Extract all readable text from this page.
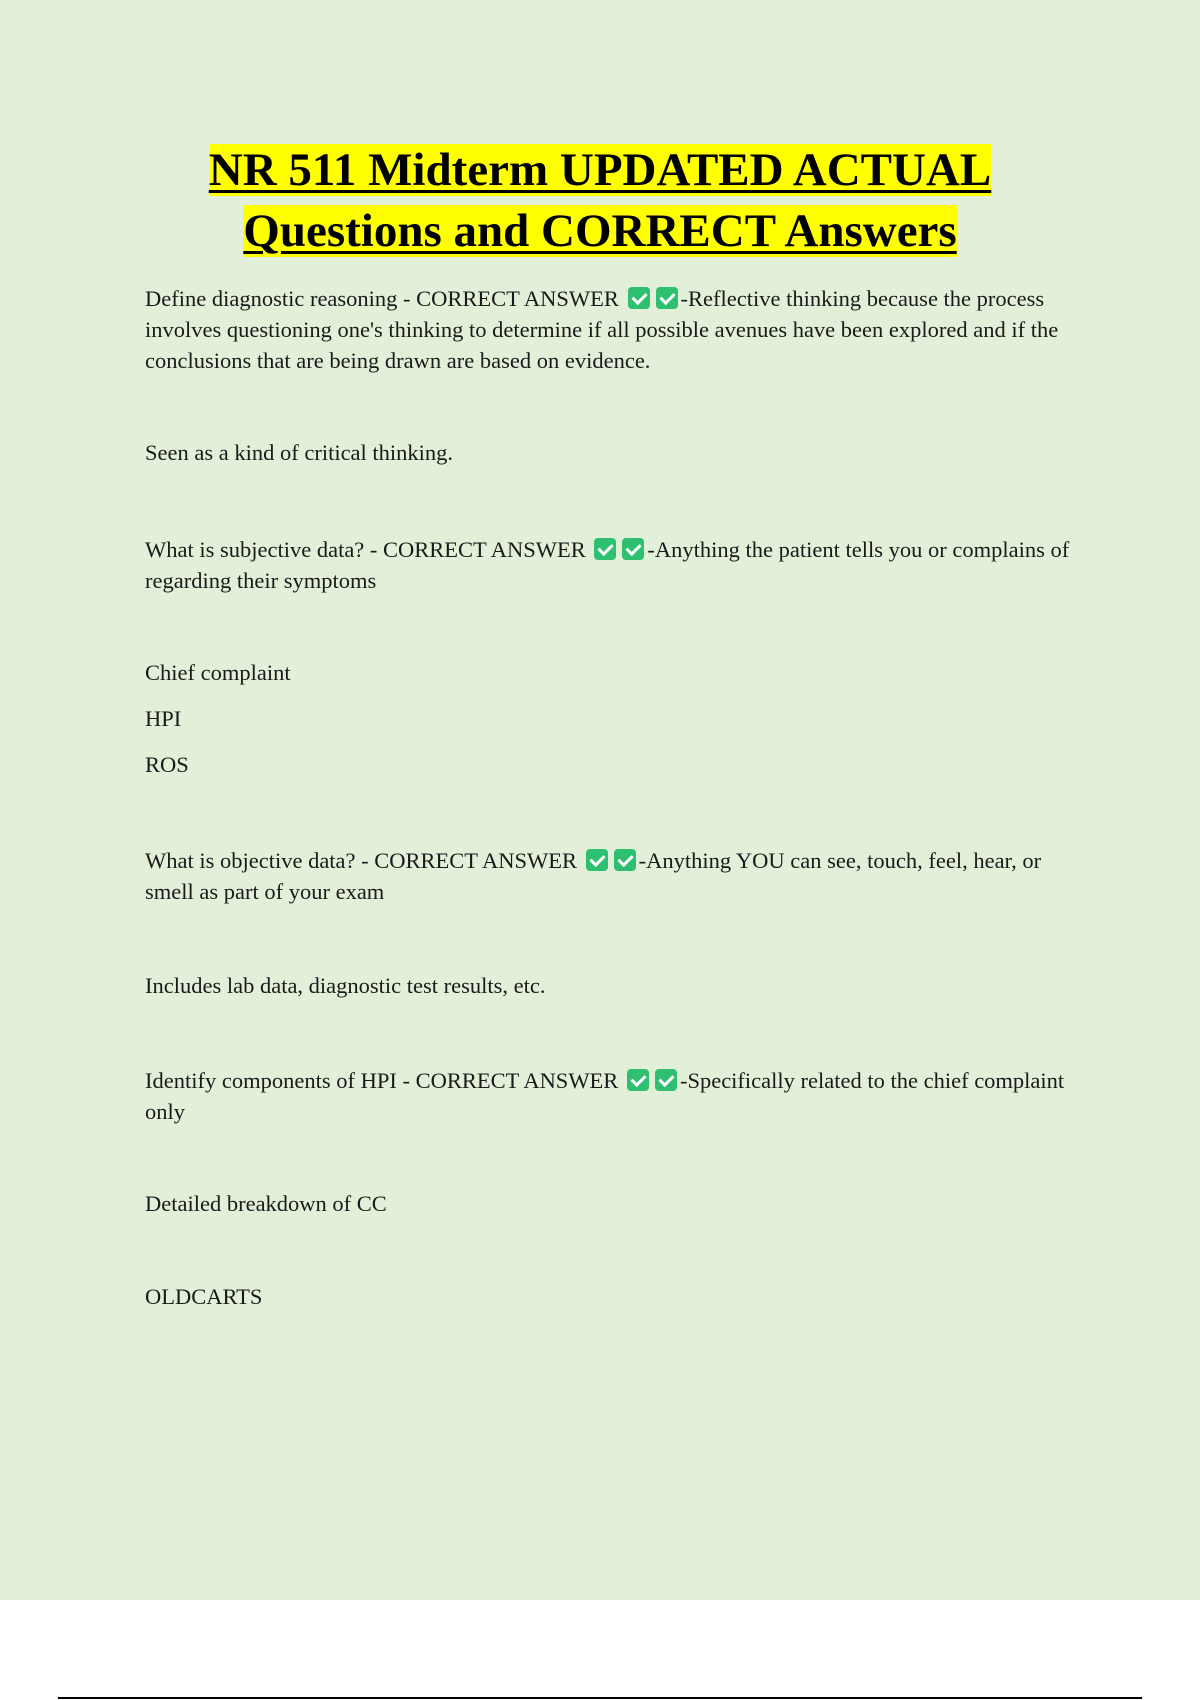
NR 511 Midterm UPDATED ACTUAL
Questions and CORRECT Answers

Define diagnostic reasoning - CORRECT ANSWER	-Reflective thinking because the process involves questioning one's thinking to determine if all possible avenues have been explored and if the conclusions that are being drawn are based on evidence.

Seen as a kind of critical thinking.

What is subjective data? - CORRECT ANSWER	-Anything the patient tells you or complains of regarding their symptoms

Chief complaint

HPI

ROS

What is objective data? - CORRECT ANSWER	-Anything YOU can see, touch, feel, hear, or smell as part of your exam

Includes lab data, diagnostic test results, etc.

Identify components of HPI - CORRECT ANSWER	-Specifically related to the chief complaint only

Detailed breakdown of CC

OLDCARTS
